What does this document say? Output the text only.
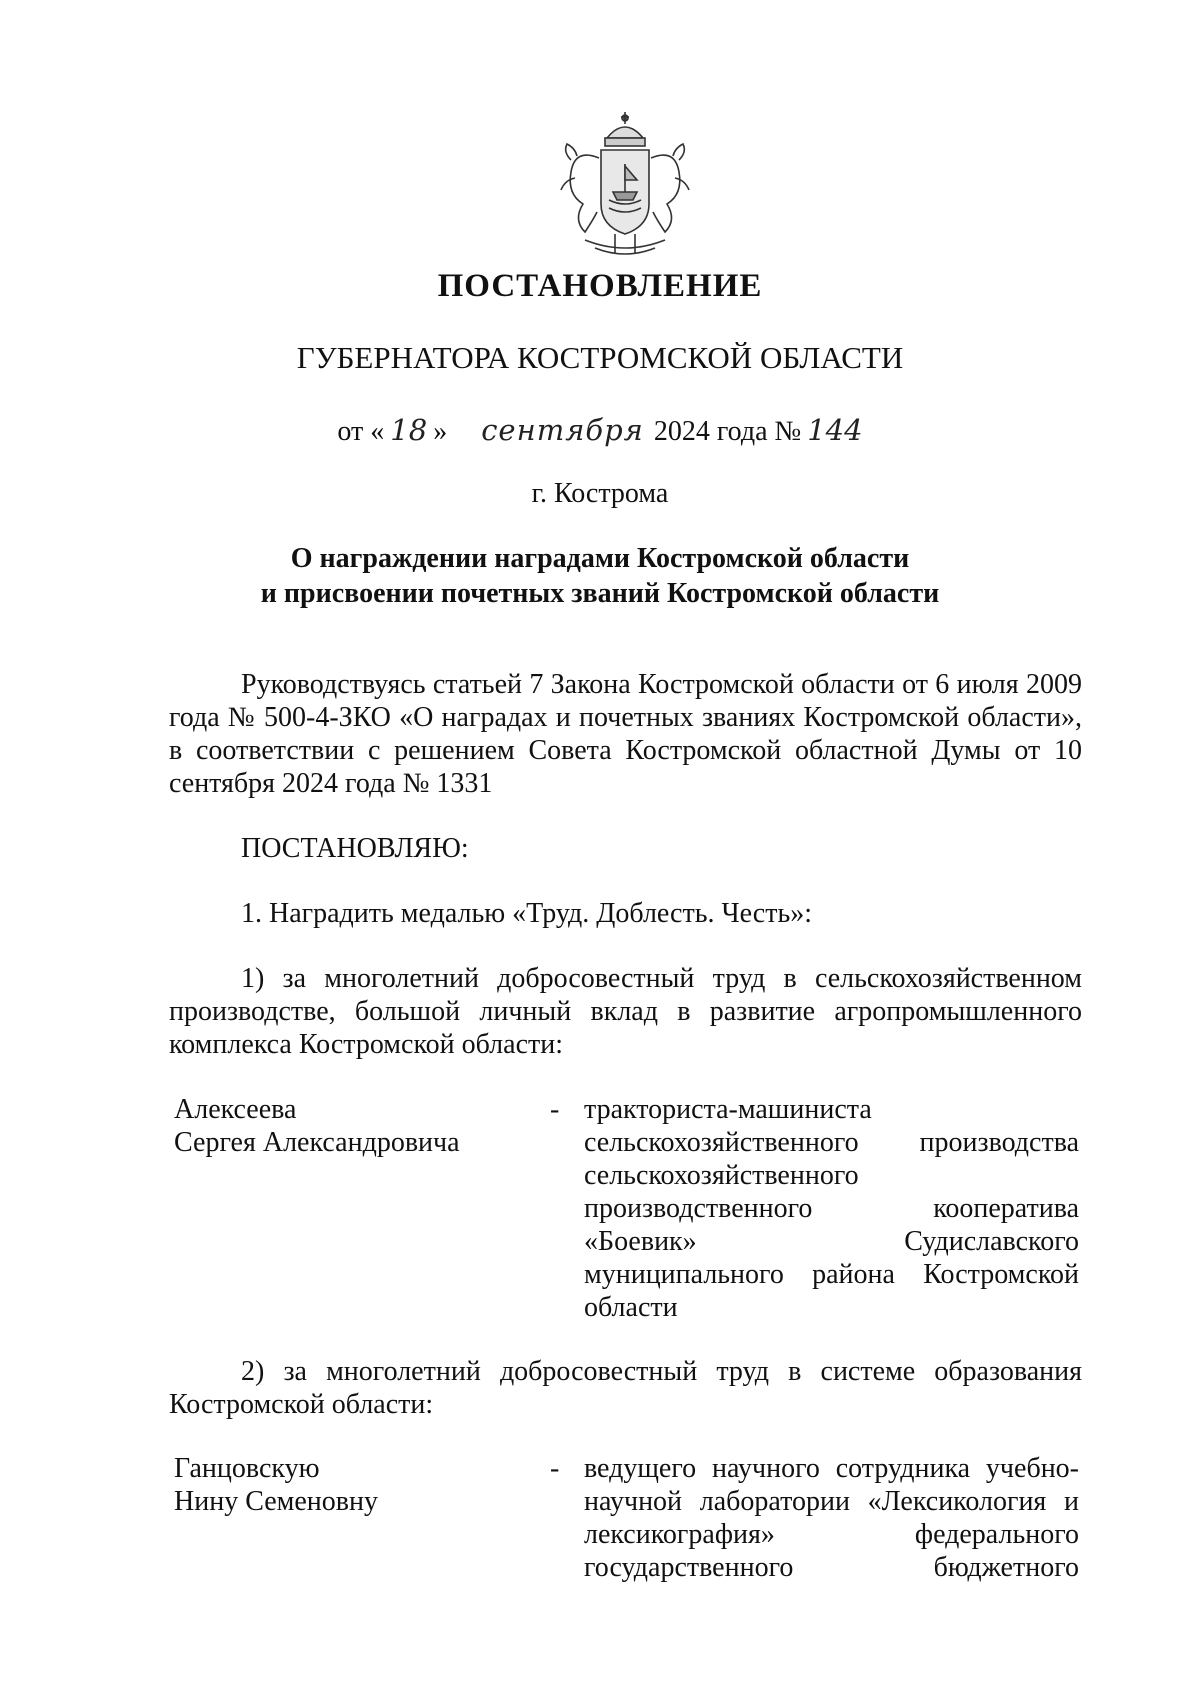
ПОСТАНОВЛЕНИЕ
ГУБЕРНАТОРА КОСТРОМСКОЙ ОБЛАСТИ
от « 18 » сентября 2024 года № 144
г. Кострома
О награждении наградами Костромской области
и присвоении почетных званий Костромской области
Руководствуясь статьей 7 Закона Костромской области от 6 июля 2009 года № 500-4-ЗКО «О наградах и почетных званиях Костромской области», в соответствии с решением Совета Костромской областной Думы от 10 сентября 2024 года № 1331
ПОСТАНОВЛЯЮ:
1. Наградить медалью «Труд. Доблесть. Честь»:
1) за многолетний добросовестный труд в сельскохозяйственном производстве, большой личный вклад в развитие агропромышленного комплекса Костромской области:
Алексеева
Сергея Александровича
- тракториста-машиниста
сельскохозяйственного производства
сельскохозяйственного
производственного кооператива
«Боевик» Судиславского
муниципального района Костромской
области
2) за многолетний добросовестный труд в системе образования Костромской области:
Ганцовскую
Нину Семеновну
- ведущего научного сотрудника учебно-
научной лаборатории «Лексикология и
лексикография» федерального
государственного бюджетного
